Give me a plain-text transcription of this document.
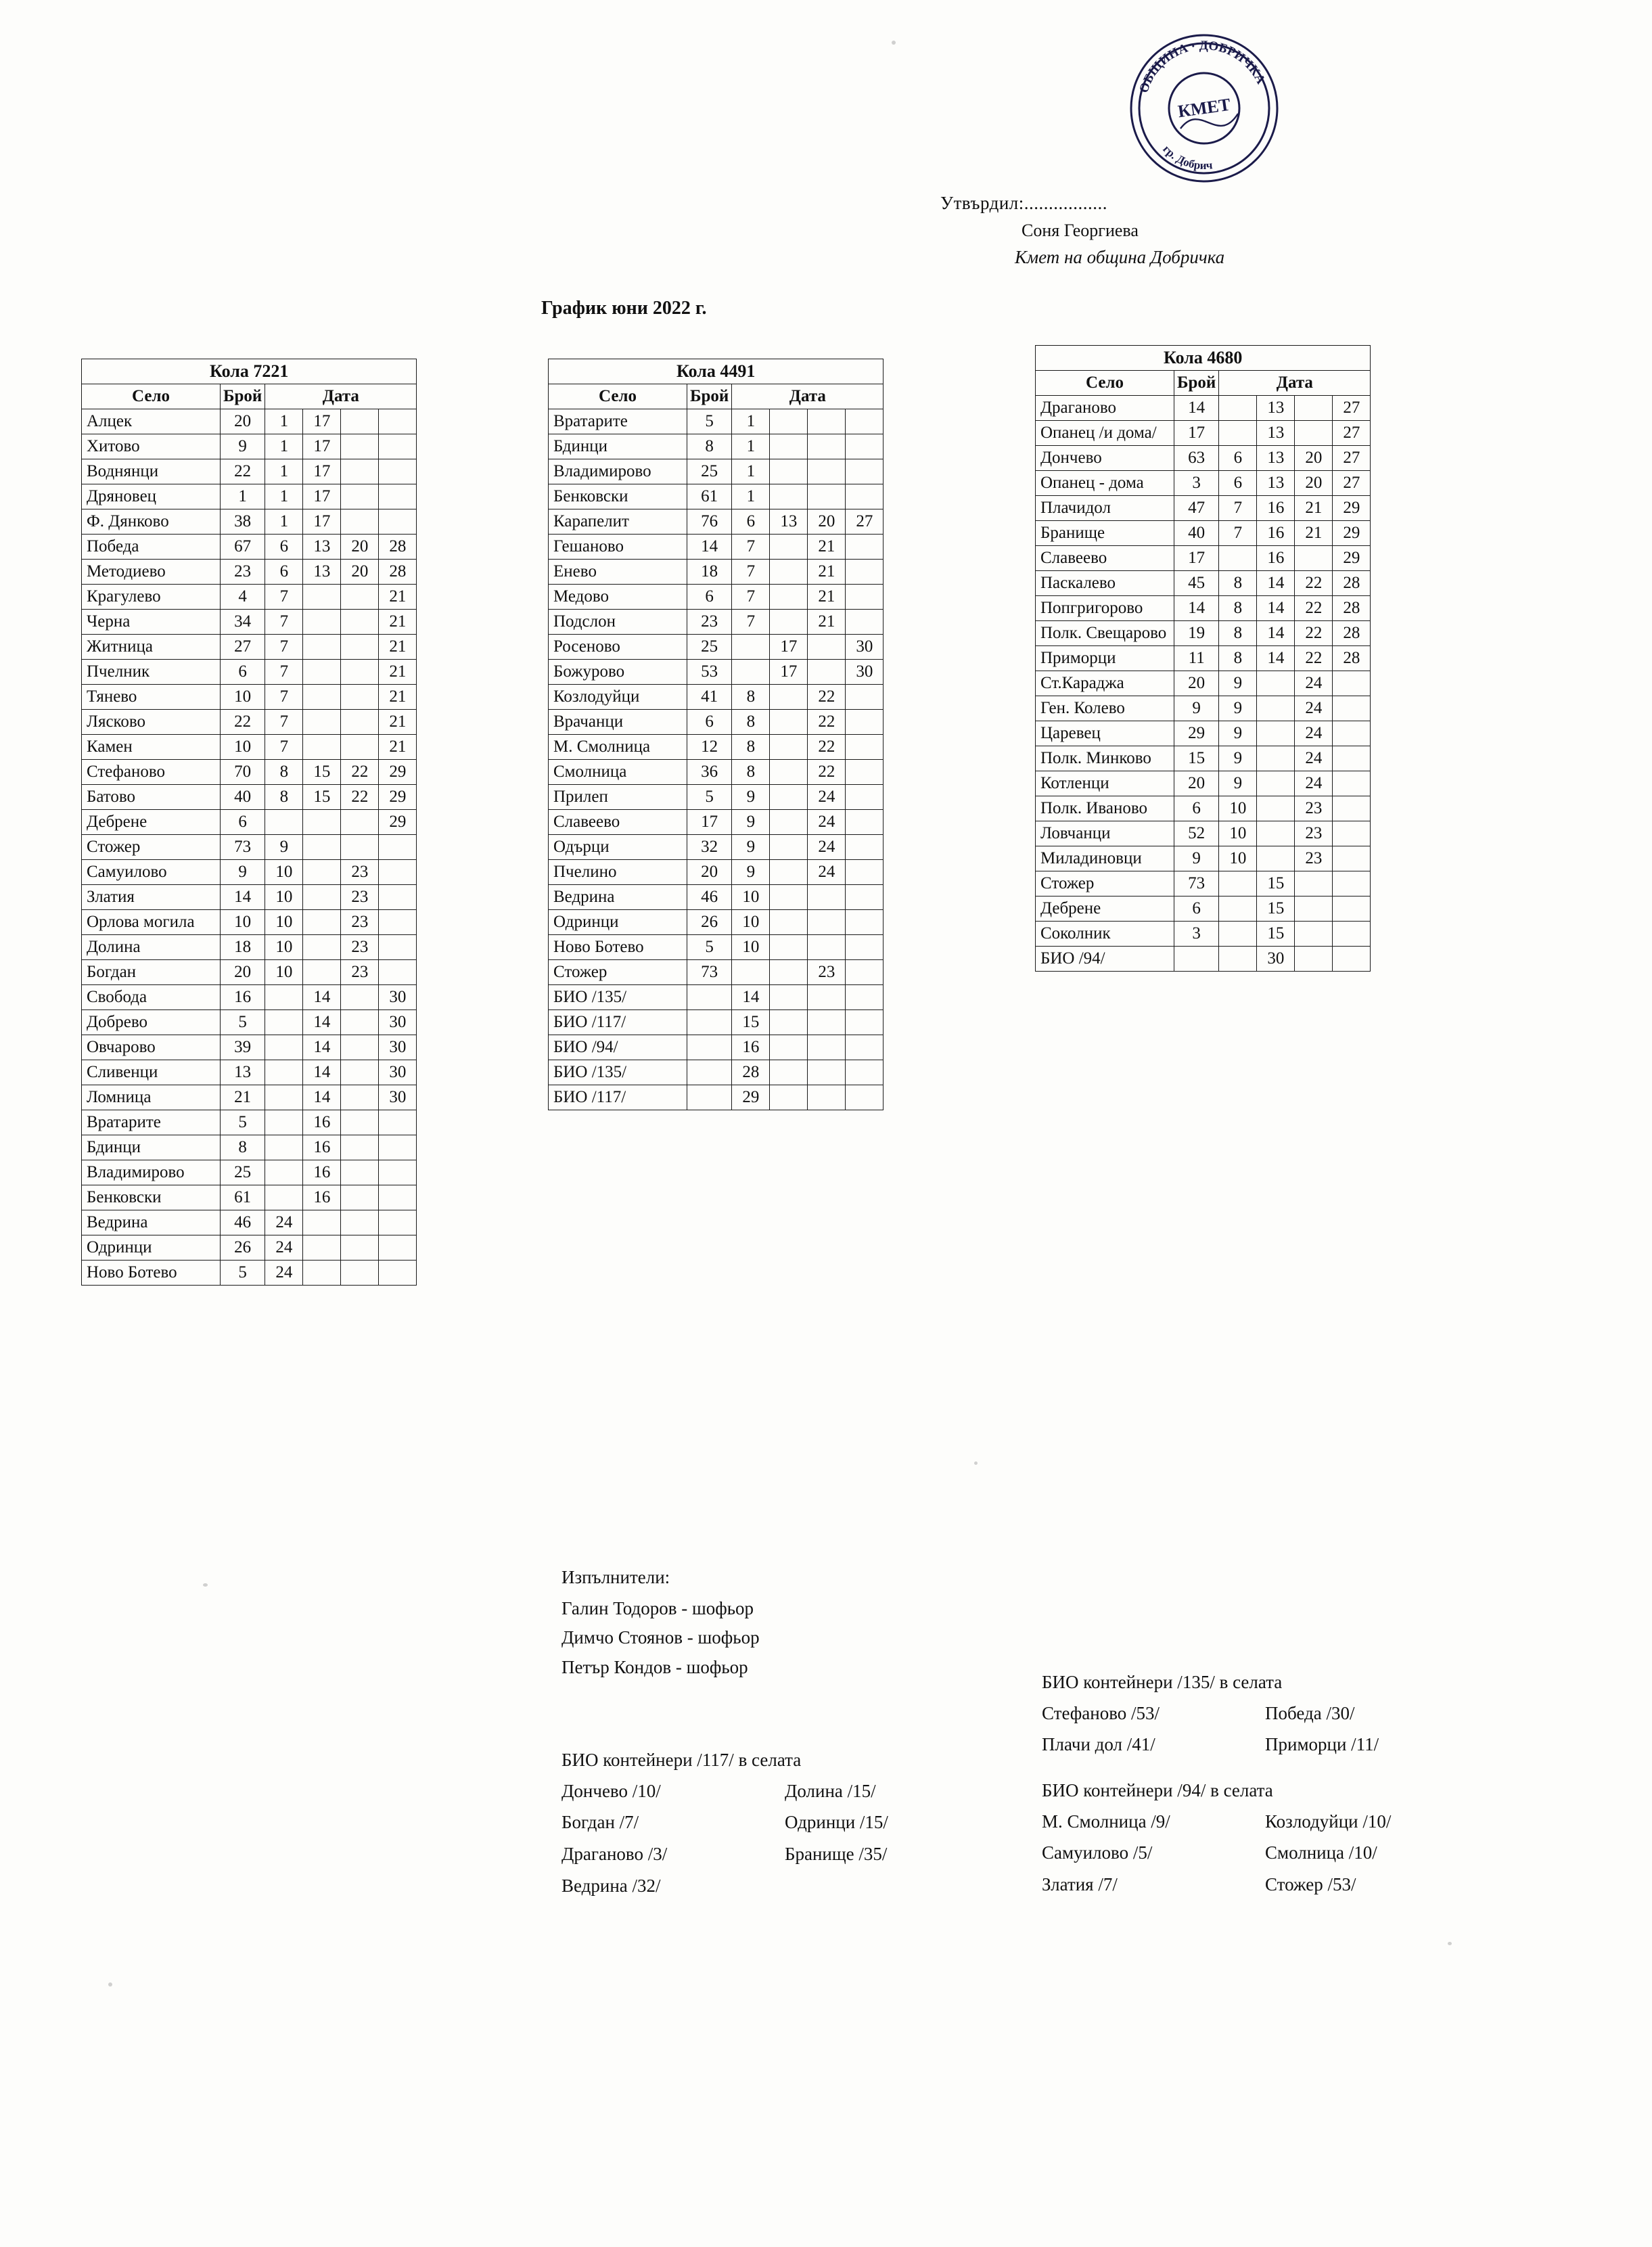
ОБЩИНА · ДОБРИЧКА
гр. Добрич
КМЕТ
Утвърдил:.................
Соня Георгиева
Кмет на община Добричка
График юни 2022 г.
Кола 7221					
Село	Брой	Дата			
Алцек	20	1	17		
Хитово	9	1	17		
Воднянци	22	1	17		
Дряновец	1	1	17		
Ф. Дянково	38	1	17		
Победа	67	6	13	20	28
Методиево	23	6	13	20	28
Крагулево	4	7			21
Черна	34	7			21
Житница	27	7			21
Пчелник	6	7			21
Тянево	10	7			21
Лясково	22	7			21
Камен	10	7			21
Стефаново	70	8	15	22	29
Батово	40	8	15	22	29
Дебрене	6				29
Стожер	73	9			
Самуилово	9	10		23	
Златия	14	10		23	
Орлова могила	10	10		23	
Долина	18	10		23	
Богдан	20	10		23	
Свобода	16		14		30
Добрево	5		14		30
Овчарово	39		14		30
Сливенци	13		14		30
Ломница	21		14		30
Вратарите	5		16		
Бдинци	8		16		
Владимирово	25		16		
Бенковски	61		16		
Ведрина	46	24			
Одринци	26	24			
Ново Ботево	5	24			
Кола 4491					
Село	Брой	Дата			
Вратарите	5	1			
Бдинци	8	1			
Владимирово	25	1			
Бенковски	61	1			
Карапелит	76	6	13	20	27
Гешаново	14	7		21	
Еневo	18	7		21	
Медово	6	7		21	
Подслон	23	7		21	
Росеново	25		17		30
Божурово	53		17		30
Козлодуйци	41	8		22	
Врачанци	6	8		22	
М. Смолница	12	8		22	
Смолница	36	8		22	
Прилеп	5	9		24	
Славеево	17	9		24	
Одърци	32	9		24	
Пчелино	20	9		24	
Ведрина	46	10			
Одринци	26	10			
Ново Ботево	5	10			
Стожер	73			23	
БИО /135/		14			
БИО /117/		15			
БИО /94/		16			
БИО /135/		28			
БИО /117/		29			
Кола 4680					
Село	Брой	Дата			
Драганово	14		13		27
Опанец /и дома/	17		13		27
Дончево	63	6	13	20	27
Опанец - дома	3	6	13	20	27
Плачидол	47	7	16	21	29
Бранище	40	7	16	21	29
Славеево	17		16		29
Паскалево	45	8	14	22	28
Попгригорово	14	8	14	22	28
Полк. Свещарово	19	8	14	22	28
Приморци	11	8	14	22	28
Ст.Караджа	20	9		24	
Ген. Колево	9	9		24	
Царевец	29	9		24	
Полк. Минково	15	9		24	
Котленци	20	9		24	
Полк. Иваново	6	10		23	
Ловчанци	52	10		23	
Миладиновци	9	10		23	
Стожер	73		15		
Дебрене	6		15		
Соколник	3		15		
БИО /94/			30		
Изпълнители:
Галин Тодоров - шофьор
Димчо Стоянов - шофьор
Петър Кондов - шофьор
БИО контейнери /117/ в селата
Дончево /10/	Долина /15/
Богдан /7/	Одринци /15/
Драганово /3/	Бранище /35/
Ведрина /32/
БИО контейнери /135/ в селата
Стефаново /53/	Победа /30/
Плачи дол /41/	Приморци /11/
БИО контейнери /94/ в селата
М. Смолница /9/	Козлодуйци /10/
Самуилово /5/	Смолница /10/
Златия /7/	Стожер /53/
